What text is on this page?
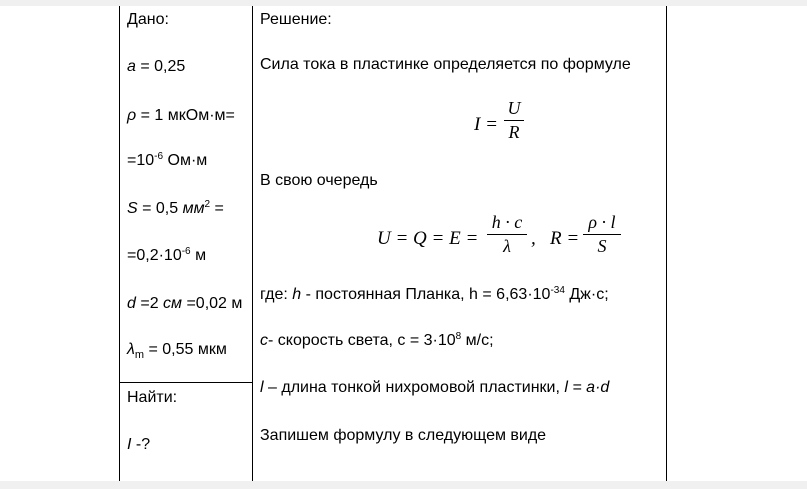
Дано:
a = 0,25
ρ = 1 мкОм·м=
$=10^{-6}$ Ом·м
S = 0,5 $мм^2$ =
$=0,2\cdot 10^{-6}$ м
d =2 см =0,02 м
$\lambda_m = 0,55$ мкм
Найти:
I -?
Решение:
Сила тока в пластинке определяется по формуле
I =
U
R
В свою очередь
U = Q = E =
h · c
λ	, R =
ρ · l
S
где: h - постоянная Планка, $h = 6,63\cdot 10^{-34}$ Дж·с;
c- скорость света, $с = 3\cdot 10^8$ м/с;
l – длина тонкой нихромовой пластинки, l = a·d
Запишем формулу в следующем виде
